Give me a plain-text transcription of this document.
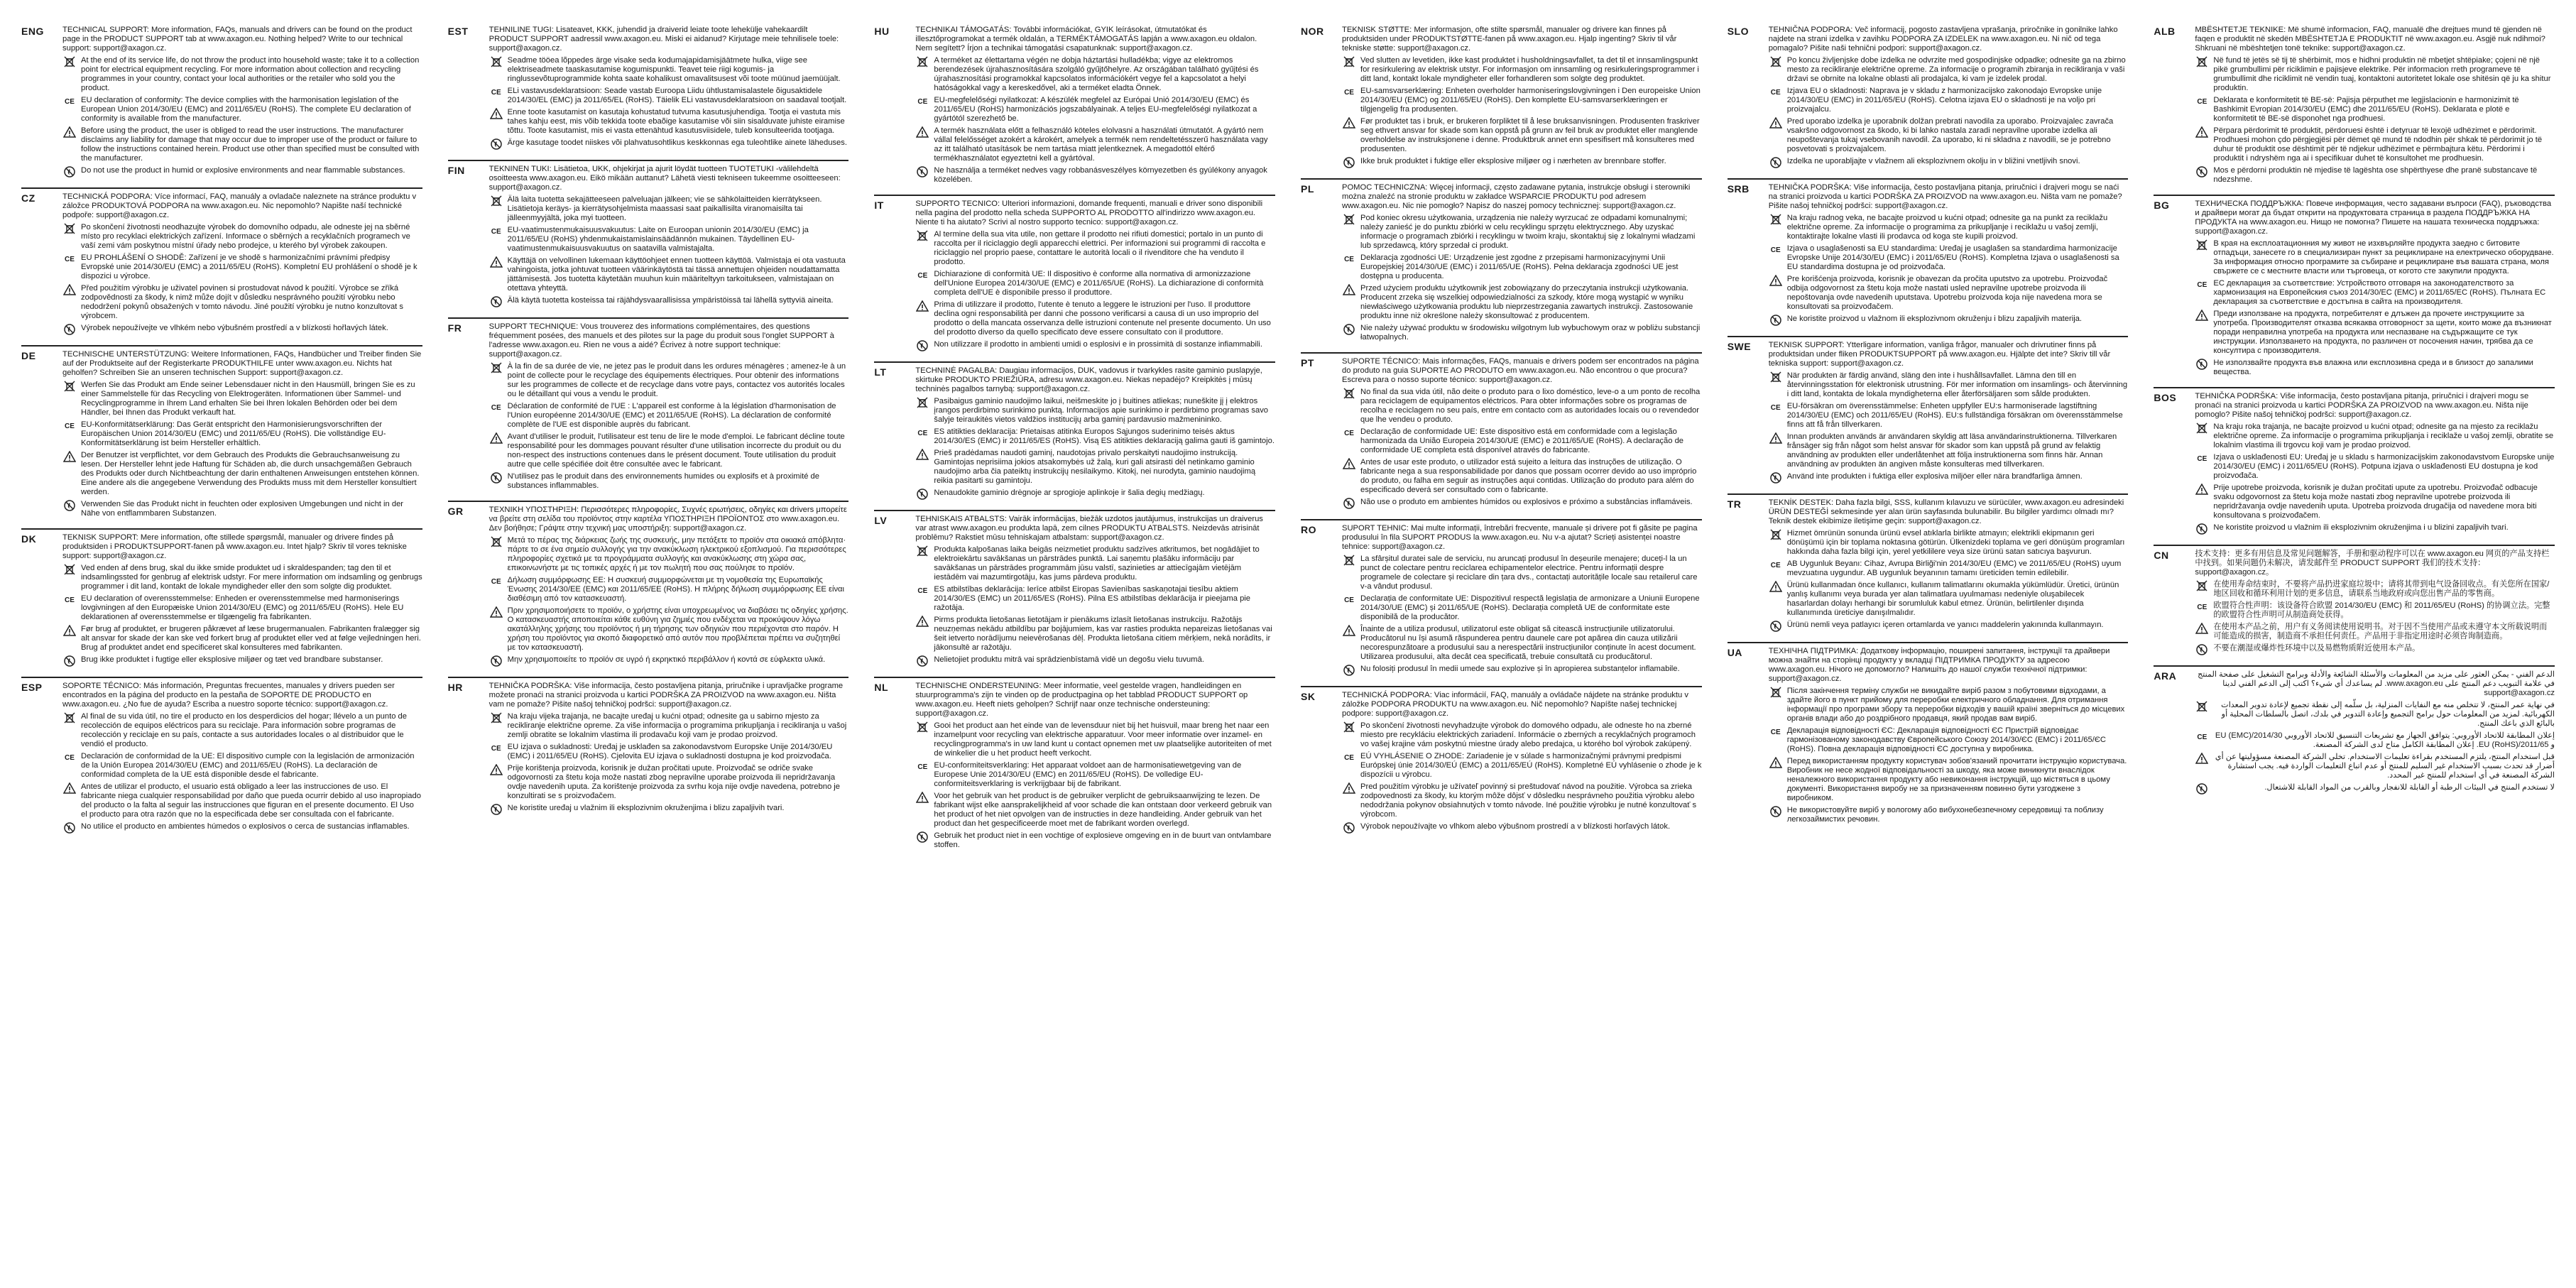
ENG	TECHNICAL SUPPORT: More information, FAQs, manuals and drivers can be found on the product page in the PRODUCT SUPPORT tab at www.axagon.eu. Nothing helped? Write to our technical support: support@axagon.cz.

At the end of its service life, do not throw the product into household waste; take it to a collection point for electrical equipment recycling. For more information about collection and recycling programmes in your country, contact your local authorities or the retailer who sold you the product.
CE EU declaration of conformity: The device complies with the harmonisation legislation of the European Union 2014/30/EU (EMC) and 2011/65/EU (RoHS). The complete EU declaration of conformity is available from the manufacturer.
Before using the product, the user is obliged to read the user instructions. The manufacturer disclaims any liability for damage that may occur due to improper use of the product or failure to follow the instructions contained herein. Product use other than specified must be consulted with the manufacturer.
Do not use the product in humid or explosive environments and near flammable substances.
CZ	TECHNICKÁ PODPORA: Více informací, FAQ, manuály a ovladače naleznete na stránce produktu v záložce PRODUKTOVÁ PODPORA na www.axagon.eu. Nic nepomohlo? Napište naší technické podpoře: support@axagon.cz.

Po skončení životnosti neodhazujte výrobek do domovního odpadu, ale odneste jej na sběrné místo pro recyklaci elektrických zařízení. Informace o sběrných a recyklačních programech ve vaší zemi vám poskytnou místní úřady nebo prodejce, u kterého byl výrobek zakoupen.
CE EU PROHLÁŠENÍ O SHODĚ: Zařízení je ve shodě s harmonizačními právními předpisy Evropské unie 2014/30/EU (EMC) a 2011/65/EU (RoHS). Kompletní EU prohlášení o shodě je k dispozici u výrobce.
Před použitím výrobku je uživatel povinen si prostudovat návod k použití. Výrobce se zříká zodpovědnosti za škody, k nimž může dojít v důsledku nesprávného použití výrobku nebo nedodržení pokynů obsažených v tomto návodu. Jiné použití výrobku je nutno konzultovat s výrobcem.
Výrobek nepoužívejte ve vlhkém nebo výbušném prostředí a v blízkosti hořlavých látek.
DE	TECHNISCHE UNTERSTÜTZUNG: Weitere Informationen, FAQs, Handbücher und Treiber finden Sie auf der Produktseite auf der Registerkarte PRODUKTHILFE unter www.axagon.eu. Nichts hat geholfen? Schreiben Sie an unseren technischen Support: support@axagon.cz.

Werfen Sie das Produkt am Ende seiner Lebensdauer nicht in den Hausmüll, bringen Sie es zu einer Sammelstelle für das Recycling von Elektrogeräten. Informationen über Sammel- und Recyclingprogramme in Ihrem Land erhalten Sie bei Ihren lokalen Behörden oder bei dem Händler, bei Ihnen das Produkt verkauft hat.
CE EU-Konformitätserklärung: Das Gerät entspricht den Harmonisierungsvorschriften der Europäischen Union 2014/30/EU (EMC) und 2011/65/EU (RoHS). Die vollständige EU-Konformitätserklärung ist beim Hersteller erhältlich.
Der Benutzer ist verpflichtet, vor dem Gebrauch des Produkts die Gebrauchsanweisung zu lesen. Der Hersteller lehnt jede Haftung für Schäden ab, die durch unsachgemäßen Gebrauch des Produkts oder durch Nichtbeachtung der darin enthaltenen Anweisungen entstehen können. Eine andere als die angegebene Verwendung des Produkts muss mit dem Hersteller konsultiert werden.
Verwenden Sie das Produkt nicht in feuchten oder explosiven Umgebungen und nicht in der Nähe von entflammbaren Substanzen.
DK	TEKNISK SUPPORT: Mere information, ofte stillede spørgsmål, manualer og drivere findes på produktsiden i PRODUKTSUPPORT-fanen på www.axagon.eu. Intet hjalp? Skriv til vores tekniske support: support@axagon.cz.

Ved enden af dens brug, skal du ikke smide produktet ud i skraldespanden; tag den til et indsamlingssted for genbrug af elektrisk udstyr. For mere information om indsamling og genbrugs programmer i dit land, kontakt de lokale myndigheder eller den som solgte dig produktet.
CE EU declaration of overensstemmelse: Enheden er overensstemmelse med harmoniserings lovgivningen af den Europæiske Union 2014/30/EU (EMC) og 2011/65/EU (RoHS). Hele EU deklarationen af overensstemmelse er tilgængelig fra fabrikanten.
Før brug af produktet, er brugeren påkrævet af læse brugermanualen. Fabrikanten fralægger sig alt ansvar for skade der kan ske ved forkert brug af produktet eller ved at følge vejledningen heri. Brug af produktet andet end specificeret skal konsulteres med fabrikanten.
Brug ikke produktet i fugtige eller eksplosive miljøer og tæt ved brandbare substanser.
ESP	SOPORTE TÉCNICO: Más información, Preguntas frecuentes, manuales y drivers pueden ser encontrados en la página del producto en la pestaña de SOPORTE DE PRODUCTO en www.axagon.eu. ¿No fue de ayuda? Escriba a nuestro soporte técnico: support@axagon.cz.

Al final de su vida útil, no tire el producto en los desperdicios del hogar; llévelo a un punto de recolección de equipos eléctricos para su reciclaje. Para información sobre programas de recolección y reciclaje en su país, contacte a sus autoridades locales o al distribuidor que le vendió el producto.
CE Declaración de conformidad de la UE: El dispositivo cumple con la legislación de armonización de la Unión Europea 2014/30/EU (EMC) and 2011/65/EU (RoHS). La declaración de conformidad completa de la UE está disponible desde el fabricante.
Antes de utilizar el producto, el usuario está obligado a leer las instrucciones de uso. El fabricante niega cualquier responsabilidad por daño que pueda ocurrir debido al uso inapropiado del producto o la falta al seguir las instrucciones que figuran en el presente documento. El Uso el producto para otra razón que no la especificada debe ser consultada con el fabricante.
No utilice el producto en ambientes húmedos o explosivos o cerca de sustancias inflamables.
EST	TEHNILINE TUGI: Lisateavet, KKK, juhendid ja draiverid leiate toote lehekülje vahekaardilt PRODUCT SUPPORT aadressil www.axagon.eu. Miski ei aidanud? Kirjutage meie tehnilisele toele: support@axagon.cz.

Seadme tööea lõppedes ärge visake seda kodumajapidamisjäätmete hulka, viige see elektriseadmete taaskasutamise kogumispunkti. Teavet teie riigi kogumis- ja ringlussevõtuprogrammide kohta saate kohalikust omavalitsusest või toote müünud jaemüüjalt.
CE ELi vastavusdeklaratsioon: Seade vastab Euroopa Liidu ühtlustamisalastele õigusaktidele 2014/30/EL (EMC) ja 2011/65/EL (RoHS). Täielik ELi vastavusdeklaratsioon on saadaval tootjalt.
Enne toote kasutamist on kasutaja kohustatud tutvuma kasutusjuhendiga. Tootja ei vastuta mis tahes kahju eest, mis võib tekkida toote ebaõige kasutamise või siin sisalduvate juhiste eiramise tõttu. Toote kasutamist, mis ei vasta ettenähtud kasutusviisidele, tuleb konsulteerida tootjaga.
Ärge kasutage toodet niiskes või plahvatusohtlikus keskkonnas ega tuleohtlike ainete läheduses.
FIN	TEKNINEN TUKI: Lisätietoa, UKK, ohjekirjat ja ajurit löydät tuotteen TUOTETUKI -välilehdeltä osoitteesta www.axagon.eu. Eikö mikään auttanut? Lähetä viesti tekniseen tukeemme osoitteeseen: support@axagon.cz.

Älä laita tuotetta sekajätteeseen palveluajan jälkeen; vie se sähkölaitteiden kierrätykseen. Lisätietoja keräys- ja kierrätysohjelmista maassasi saat paikallisilta viranomaisilta tai jälleenmyyjältä, joka myi tuotteen.
CE EU-vaatimustenmukaisuusvakuutus: Laite on Euroopan unionin 2014/30/EU (EMC) ja 2011/65/EU (RoHS) yhdenmukaistamislainsäädännön mukainen. Täydellinen EU-vaatimustenmukaisuusvakuutus on saatavilla valmistajalta.
Käyttäjä on velvollinen lukemaan käyttöohjeet ennen tuotteen käyttöä. Valmistaja ei ota vastuuta vahingoista, jotka johtuvat tuotteen väärinkäytöstä tai tässä annettujen ohjeiden noudattamatta jättämisestä. Jos tuotetta käytetään muuhun kuin määriteltyyn tarkoitukseen, valmistajaan on otettava yhteyttä.
Älä käytä tuotetta kosteissa tai räjähdysvaarallisissa ympäristöissä tai lähellä syttyviä aineita.
FR	SUPPORT TECHNIQUE: Vous trouverez des informations complémentaires, des questions fréquemment posées, des manuels et des pilotes sur la page du produit sous l'onglet SUPPORT à l'adresse www.axagon.eu. Rien ne vous a aidé? Écrivez à notre support technique: support@axagon.cz.

À la fin de sa durée de vie, ne jetez pas le produit dans les ordures ménagères ; amenez-le à un point de collecte pour le recyclage des équipements électriques. Pour obtenir des informations sur les programmes de collecte et de recyclage dans votre pays, contactez vos autorités locales ou le détaillant qui vous a vendu le produit.
CE Déclaration de conformité de l'UE : L'appareil est conforme à la législation d'harmonisation de l'Union européenne 2014/30/UE (EMC) et 2011/65/UE (RoHS). La déclaration de conformité complète de l'UE est disponible auprès du fabricant.
Avant d'utiliser le produit, l'utilisateur est tenu de lire le mode d'emploi. Le fabricant décline toute responsabilité pour les dommages pouvant résulter d'une utilisation incorrecte du produit ou du non-respect des instructions contenues dans le présent document. Toute utilisation du produit autre que celle spécifiée doit être consultée avec le fabricant.
N'utilisez pas le produit dans des environnements humides ou explosifs et à proximité de substances inflammables.
GR	ΤΕΧΝΙΚΗ ΥΠΟΣΤΗΡΙΞΗ: Περισσότερες πληροφορίες, Συχνές ερωτήσεις, οδηγίες και drivers μπορείτε να βρείτε στη σελίδα του προϊόντος στην καρτέλα ΥΠΟΣΤΗΡΙΞΗ ΠΡΟΪΟΝΤΟΣ στο www.axagon.eu. Δεν βοήθησε; Γράψτε στην τεχνική μας υποστήριξη: support@axagon.cz.

Μετά το πέρας της διάρκειας ζωής της συσκευής, μην πετάξετε το προϊόν στα οικιακά απόβλητα· πάρτε το σε ένα σημείο συλλογής για την ανακύκλωση ηλεκτρικού εξοπλισμού. Για περισσότερες πληροφορίες σχετικά με τα προγράμματα συλλογής και ανακύκλωσης στη χώρα σας, επικοινωνήστε με τις τοπικές αρχές ή με τον πωλητή που σας πούλησε το προϊόν.
CE Δήλωση συμμόρφωσης ΕΕ: Η συσκευή συμμορφώνεται με τη νομοθεσία της Ευρωπαϊκής Ένωσης 2014/30/ΕΕ (EMC) και 2011/65/ΕΕ (RoHS). Η πλήρης δήλωση συμμόρφωσης ΕΕ είναι διαθέσιμη από τον κατασκευαστή.
Πριν χρησιμοποιήσετε το προϊόν, ο χρήστης είναι υποχρεωμένος να διαβάσει τις οδηγίες χρήσης. Ο κατασκευαστής αποποιείται κάθε ευθύνη για ζημιές που ενδέχεται να προκύψουν λόγω ακατάλληλης χρήσης του προϊόντος ή μη τήρησης των οδηγιών που περιέχονται στο παρόν. Η χρήση του προϊόντος για σκοπό διαφορετικό από αυτόν που προβλέπεται πρέπει να συζητηθεί με τον κατασκευαστή.
Μην χρησιμοποιείτε το προϊόν σε υγρό ή εκρηκτικό περιβάλλον ή κοντά σε εύφλεκτα υλικά.
HR	TEHNIČKA PODRŠKA: Više informacija, često postavljena pitanja, priručnike i upravljačke programe možete pronaći na stranici proizvoda u kartici PODRŠKA ZA PROIZVOD na www.axagon.eu. Ništa vam ne pomaže? Pišite našoj tehničkoj podršci: support@axagon.cz.

Na kraju vijeka trajanja, ne bacajte uređaj u kućni otpad; odnesite ga u sabirno mjesto za recikliranje električne opreme. Za više informacija o programima prikupljanja i recikliranja u vašoj zemlji obratite se lokalnim vlastima ili prodavaču koji vam je prodao proizvod.
CE EU izjava o sukladnosti: Uređaj je usklađen sa zakonodavstvom Europske Unije 2014/30/EU (EMC) i 2011/65/EU (RoHS). Cjelovita EU izjava o sukladnosti dostupna je kod proizvođača.
Prije korištenja proizvoda, korisnik je dužan pročitati upute. Proizvođač se odriče svake odgovornosti za štetu koja može nastati zbog nepravilne uporabe proizvoda ili nepridržavanja ovdje navedenih uputa. Za korištenje proizvoda za svrhu koja nije ovdje navedena, potrebno je konzultirati se s proizvođačem.
Ne koristite uređaj u vlažnim ili eksplozivnim okruženjima i blizu zapaljivih tvari.
HU	TECHNIKAI TÁMOGATÁS: További információkat, GYIK leírásokat, útmutatókat és illesztőprogramokat a termék oldalán, a TERMÉKTÁMOGATÁS lapján a www.axagon.eu oldalon. Nem segített? Írjon a technikai támogatási csapatunknak: support@axagon.cz.

A terméket az élettartama végén ne dobja háztartási hulladékba; vigye az elektromos berendezések újrahasznosítására szolgáló gyűjtőhelyre. Az országában található gyűjtési és újrahasznosítási programokkal kapcsolatos információkért vegye fel a kapcsolatot a helyi hatóságokkal vagy a kereskedővel, aki a terméket eladta Önnek.
CE EU-megfelelőségi nyilatkozat: A készülék megfelel az Európai Unió 2014/30/EU (EMC) és 2011/65/EU (RoHS) harmonizációs jogszabályainak. A teljes EU-megfelelőségi nyilatkozat a gyártótól szerezhető be.
A termék használata előtt a felhasználó köteles elolvasni a használati útmutatót. A gyártó nem vállal felelősséget azokért a károkért, amelyek a termék nem rendeltetésszerű használata vagy az itt található utasítások be nem tartása miatt jelentkeznek. A megadottól eltérő termékhasználatot egyeztetni kell a gyártóval.
Ne használja a terméket nedves vagy robbanásveszélyes környezetben és gyúlékony anyagok közelében.
IT	SUPPORTO TECNICO: Ulteriori informazioni, domande frequenti, manuali e driver sono disponibili nella pagina del prodotto nella scheda SUPPORTO AL PRODOTTO all'indirizzo www.axagon.eu. Niente ti ha aiutato? Scrivi al nostro supporto tecnico: support@axagon.cz.

Al termine della sua vita utile, non gettare il prodotto nei rifiuti domestici; portalo in un punto di raccolta per il riciclaggio degli apparecchi elettrici. Per informazioni sui programmi di raccolta e riciclaggio nel proprio paese, contattare le autorità locali o il rivenditore che ha venduto il prodotto.
CE Dichiarazione di conformità UE: Il dispositivo è conforme alla normativa di armonizzazione dell'Unione Europea 2014/30/UE (EMC) e 2011/65/UE (RoHS). La dichiarazione di conformità completa dell'UE è disponibile presso il produttore.
Prima di utilizzare il prodotto, l'utente è tenuto a leggere le istruzioni per l'uso. Il produttore declina ogni responsabilità per danni che possono verificarsi a causa di un uso improprio del prodotto o della mancata osservanza delle istruzioni contenute nel presente documento. Un uso del prodotto diverso da quello specificato deve essere consultato con il produttore.
Non utilizzare il prodotto in ambienti umidi o esplosivi e in prossimità di sostanze infiammabili.
LT	TECHNINĖ PAGALBA: Daugiau informacijos, DUK, vadovus ir tvarkykles rasite gaminio puslapyje, skirtuke PRODUKTO PRIEŽIŪRA, adresu www.axagon.eu. Niekas nepadėjo? Kreipkitės į mūsų techninės pagalbos tarnybą: support@axagon.cz.

Pasibaigus gaminio naudojimo laikui, neišmeskite jo į buitines atliekas; nuneškite jį į elektros įrangos perdirbimo surinkimo punktą. Informacijos apie surinkimo ir perdirbimo programas savo šalyje teiraukitės vietos valdžios institucijų arba gaminį pardavusio mažmenininko.
CE ES atitikties deklaracija: Prietaisas atitinka Europos Sąjungos suderinimo teisės aktus 2014/30/ES (EMC) ir 2011/65/ES (RoHS). Visą ES atitikties deklaraciją galima gauti iš gamintojo.
Prieš pradėdamas naudoti gaminį, naudotojas privalo perskaityti naudojimo instrukciją. Gamintojas neprisiima jokios atsakomybės už žalą, kuri gali atsirasti dėl netinkamo gaminio naudojimo arba čia pateiktų instrukcijų nesilaikymo. Kitokį, nei nurodyta, gaminio naudojimą reikia pasitarti su gamintoju.
Nenaudokite gaminio drėgnoje ar sprogioje aplinkoje ir šalia degių medžiagų.
LV	TEHNISKAIS ATBALSTS: Vairāk informācijas, biežāk uzdotos jautājumus, instrukcijas un draiverus var atrast www.axagon.eu produkta lapā, zem cilnes PRODUKTU ATBALSTS. Neizdevās atrisināt problēmu? Rakstiet mūsu tehniskajam atbalstam: support@axagon.cz.

Produkta kalpošanas laika beigās neizmetiet produktu sadzīves atkritumos, bet nogādājiet to elektroiekārtu savākšanas un pārstrādes punktā. Lai saņemtu plašāku informāciju par savākšanas un pārstrādes programmām jūsu valstī, sazinieties ar attiecīgajām vietējām iestādēm vai mazumtirgotāju, kas jums pārdeva produktu.
CE ES atbilstības deklarācija: Ierīce atbilst Eiropas Savienības saskaņotajai tiesību aktiem 2014/30/ES (EMC) un 2011/65/ES (RoHS). Pilna ES atbilstības deklarācija ir pieejama pie ražotāja.
Pirms produkta lietošanas lietotājam ir pienākums izlasīt lietošanas instrukciju. Ražotājs neuzņemas nekādu atbildību par bojājumiem, kas var rasties produkta nepareizas lietošanas vai šeit ietverto norādījumu neievērošanas dēļ. Produkta lietošana citiem mērķiem, nekā norādīts, ir jākonsultē ar ražotāju.
Nelietojiet produktu mitrā vai sprādzienbīstamā vidē un degošu vielu tuvumā.
NL	TECHNISCHE ONDERSTEUNING: Meer informatie, veel gestelde vragen, handleidingen en stuurprogramma's zijn te vinden op de productpagina op het tabblad PRODUCT SUPPORT op www.axagon.eu. Heeft niets geholpen? Schrijf naar onze technische ondersteuning: support@axagon.cz.

Gooi het product aan het einde van de levensduur niet bij het huisvuil, maar breng het naar een inzamelpunt voor recycling van elektrische apparatuur. Voor meer informatie over inzamel- en recyclingprogramma's in uw land kunt u contact opnemen met uw plaatselijke autoriteiten of met de winkelier die u het product heeft verkocht.
CE EU-conformiteitsverklaring: Het apparaat voldoet aan de harmonisatiewetgeving van de Europese Unie 2014/30/EU (EMC) en 2011/65/EU (RoHS). De volledige EU-conformiteitsverklaring is verkrijgbaar bij de fabrikant.
Voor het gebruik van het product is de gebruiker verplicht de gebruiksaanwijzing te lezen. De fabrikant wijst elke aansprakelijkheid af voor schade die kan ontstaan door verkeerd gebruik van het product of het niet opvolgen van de instructies in deze handleiding. Ander gebruik van het product dan het gespecificeerde moet met de fabrikant worden overlegd.
Gebruik het product niet in een vochtige of explosieve omgeving en in de buurt van ontvlambare stoffen.
NOR	TEKNISK STØTTE: Mer informasjon, ofte stilte spørsmål, manualer og drivere kan finnes på produktsiden under PRODUKTSTØTTE-fanen på www.axagon.eu. Hjalp ingenting? Skriv til vår tekniske støtte: support@axagon.cz.

Ved slutten av levetiden, ikke kast produktet i husholdningsavfallet, ta det til et innsamlingspunkt for resirkulering av elektrisk utstyr. For informasjon om innsamling og resirkuleringsprogrammer i ditt land, kontakt lokale myndigheter eller forhandleren som solgte deg produktet.
CE EU-samsvarserklæring: Enheten overholder harmoniseringslovgivningen i Den europeiske Union 2014/30/EU (EMC) og 2011/65/EU (RoHS). Den komplette EU-samsvarserklæringen er tilgjengelig fra produsenten.
Før produktet tas i bruk, er brukeren forpliktet til å lese bruksanvisningen. Produsenten fraskriver seg ethvert ansvar for skade som kan oppstå på grunn av feil bruk av produktet eller manglende overholdelse av instruksjonene i denne. Produktbruk annet enn spesifisert må konsulteres med produsenten.
Ikke bruk produktet i fuktige eller eksplosive miljøer og i nærheten av brennbare stoffer.
PL	POMOC TECHNICZNA: Więcej informacji, często zadawane pytania, instrukcje obsługi i sterowniki można znaleźć na stronie produktu w zakładce WSPARCIE PRODUKTU pod adresem www.axagon.eu. Nic nie pomogło? Napisz do naszej pomocy technicznej: support@axagon.cz.

Pod koniec okresu użytkowania, urządzenia nie należy wyrzucać ze odpadami komunalnymi; należy zanieść je do punktu zbiórki w celu recyklingu sprzętu elektrycznego. Aby uzyskać informacje o programach zbiórki i recyklingu w twoim kraju, skontaktuj się z lokalnymi władzami lub sprzedawcą, który sprzedał ci produkt.
CE Deklaracja zgodności UE: Urządzenie jest zgodne z przepisami harmonizacyjnymi Unii Europejskiej 2014/30/UE (EMC) i 2011/65/UE (RoHS). Pełna deklaracja zgodności UE jest dostępna u producenta.
Przed użyciem produktu użytkownik jest zobowiązany do przeczytania instrukcji użytkowania. Producent zrzeka się wszelkiej odpowiedzialności za szkody, które mogą wystąpić w wyniku niewłaściwego użytkowania produktu lub nieprzestrzegania zawartych instrukcji. Zastosowanie produktu inne niż określone należy skonsultować z producentem.
Nie należy używać produktu w środowisku wilgotnym lub wybuchowym oraz w pobliżu substancji łatwopalnych.
PT	SUPORTE TÉCNICO: Mais informações, FAQs, manuais e drivers podem ser encontrados na página do produto na guia SUPORTE AO PRODUTO em www.axagon.eu. Não encontrou o que procura? Escreva para o nosso suporte técnico: support@axagon.cz.

No final da sua vida útil, não deite o produto para o lixo doméstico, leve-o a um ponto de recolha para reciclagem de equipamentos eléctricos. Para obter informações sobre os programas de recolha e reciclagem no seu país, entre em contacto com as autoridades locais ou o revendedor que lhe vendeu o produto.
CE Declaração de conformidade UE: Este dispositivo está em conformidade com a legislação harmonizada da União Europeia 2014/30/UE (EMC) e 2011/65/UE (RoHS). A declaração de conformidade UE completa está disponível através do fabricante.
Antes de usar este produto, o utilizador está sujeito a leitura das instruções de utilização. O fabricante nega a sua responsabilidade por danos que possam ocorrer devido ao uso impróprio do produto, ou falha em seguir as instruções aqui contidas. Utilização do produto para além do especificado deverá ser consultado com o fabricante.
Não use o produto em ambientes húmidos ou explosivos e próximo a substâncias inflamáveis.
RO	SUPORT TEHNIC: Mai multe informații, întrebări frecvente, manuale și drivere pot fi găsite pe pagina produsului în fila SUPORT PRODUS la www.axagon.eu. Nu v-a ajutat? Scrieți asistenței noastre tehnice: support@axagon.cz.

La sfârșitul duratei sale de serviciu, nu aruncați produsul în deșeurile menajere; duceți-l la un punct de colectare pentru reciclarea echipamentelor electrice. Pentru informații despre programele de colectare și reciclare din țara dvs., contactați autoritățile locale sau retailerul care v-a vândut produsul.
CE Declarația de conformitate UE: Dispozitivul respectă legislația de armonizare a Uniunii Europene 2014/30/UE (EMC) și 2011/65/UE (RoHS). Declarația completă UE de conformitate este disponibilă de la producător.
Înainte de a utiliza produsul, utilizatorul este obligat să citească instrucțiunile utilizatorului. Producătorul nu își asumă răspunderea pentru daunele care pot apărea din cauza utilizării necorespunzătoare a produsului sau a nerespectării instrucțiunilor conținute în acest document. Utilizarea produsului, alta decât cea specificată, trebuie consultată cu producătorul.
Nu folosiți produsul în medii umede sau explozive și în apropierea substanțelor inflamabile.
SK	TECHNICKÁ PODPORA: Viac informácií, FAQ, manuály a ovládače nájdete na stránke produktu v záložke PODPORA PRODUKTU na www.axagon.eu. Nič nepomohlo? Napíšte našej technickej podpore: support@axagon.cz.

Po skončení životnosti nevyhadzujte výrobok do domového odpadu, ale odneste ho na zberné miesto pre recykláciu elektrických zariadení. Informácie o zberných a recyklačných programoch vo vašej krajine vám poskytnú miestne úrady alebo predajca, u ktorého bol výrobok zakúpený.
CE EÚ VYHLÁSENIE O ZHODE: Zariadenie je v súlade s harmonizačnými právnymi predpismi Európskej únie 2014/30/EÚ (EMC) a 2011/65/EÚ (RoHS). Kompletné EÚ vyhlásenie o zhode je k dispozícii u výrobcu.
Pred použitím výrobku je užívateľ povinný si preštudovať návod na použitie. Výrobca sa zrieka zodpovednosti za škody, ku ktorým môže dôjsť v dôsledku nesprávneho použitia výrobku alebo nedodržania pokynov obsiahnutých v tomto návode. Iné použitie výrobku je nutné konzultovať s výrobcom.
Výrobok nepoužívajte vo vlhkom alebo výbušnom prostredí a v blízkosti horľavých látok.
SLO	TEHNIČNA PODPORA: Več informacij, pogosto zastavljena vprašanja, priročnike in gonilnike lahko najdete na strani izdelka v zavihku PODPORA ZA IZDELEK na www.axagon.eu. Ni nič od tega pomagalo? Pišite naši tehnični podpori: support@axagon.cz.

Po koncu življenjske dobe izdelka ne odvrzite med gospodinjske odpadke; odnesite ga na zbirno mesto za recikliranje električne opreme. Za informacije o programih zbiranja in recikliranja v vaši državi se obrnite na lokalne oblasti ali prodajalca, ki vam je izdelek prodal.
CE Izjava EU o skladnosti: Naprava je v skladu z harmonizacijsko zakonodajo Evropske unije 2014/30/EU (EMC) in 2011/65/EU (RoHS). Celotna izjava EU o skladnosti je na voljo pri proizvajalcu.
Pred uporabo izdelka je uporabnik dolžan prebrati navodila za uporabo. Proizvajalec zavrača vsakršno odgovornost za škodo, ki bi lahko nastala zaradi nepravilne uporabe izdelka ali neupoštevanja tukaj vsebovanih navodil. Za uporabo, ki ni skladna z navodili, se je potrebno posvetovati s proizvajalcem.
Izdelka ne uporabljajte v vlažnem ali eksplozivnem okolju in v bližini vnetljivih snovi.
SRB	TEHNIČKA PODRŠKA: Više informacija, često postavljana pitanja, priručnici i drajveri mogu se naći na stranici proizvoda u kartici PODRŠKA ZA PROIZVOD na www.axagon.eu. Ništa vam ne pomaže? Pišite našoj tehničkoj podršci: support@axagon.cz.

Na kraju radnog veka, ne bacajte proizvod u kućni otpad; odnesite ga na punkt za reciklažu električne opreme. Za informacije o programima za prikupljanje i reciklažu u vašoj zemlji, kontaktirajte lokalne vlasti ili prodavca od koga ste kupili proizvod.
CE Izjava o usaglašenosti sa EU standardima: Uređaj je usaglašen sa standardima harmonizacije Evropske Unije 2014/30/EU (EMC) i 2011/65/EU (RoHS). Kompletna Izjava o usaglašenosti sa EU standardima dostupna je od proizvođača.
Pre korišćenja proizvoda, korisnik je obavezan da pročita uputstvo za upotrebu. Proizvođač odbija odgovornost za štetu koja može nastati usled nepravilne upotrebe proizvoda ili nepoštovanja ovde navedenih uputstava. Upotrebu proizvoda koja nije navedena mora se konsultovati sa proizvođačem.
Ne koristite proizvod u vlažnom ili eksplozivnom okruženju i blizu zapaljivih materija.
SWE	TEKNISK SUPPORT: Ytterligare information, vanliga frågor, manualer och drivrutiner finns på produktsidan under fliken PRODUKTSUPPORT på www.axagon.eu. Hjälpte det inte? Skriv till vår tekniska support: support@axagon.cz.

När produkten är färdig använd, släng den inte i hushållsavfallet. Lämna den till en återvinningsstation för elektronisk utrustning. För mer information om insamlings- och återvinning i ditt land, kontakta de lokala myndigheterna eller återförsäljaren som sålde produkten.
CE EU-försäkran om överensstämmelse: Enheten uppfyller EU:s harmoniserade lagstiftning 2014/30/EU (EMC) och 2011/65/EU (RoHS). EU:s fullständiga försäkran om överensstämmelse finns att få från tillverkaren.
Innan produkten används är användaren skyldig att läsa användarinstruktionerna. Tillverkaren frånsäger sig från något som helst ansvar för skador som kan uppstå på grund av felaktig användning av produkten eller underlåtenhet att följa instruktionerna som finns här. Annan användning av produkten än angiven måste konsulteras med tillverkaren.
Använd inte produkten i fuktiga eller explosiva miljöer eller nära brandfarliga ämnen.
TR	TEKNİK DESTEK: Daha fazla bilgi, SSS, kullanım kılavuzu ve sürücüler, www.axagon.eu adresindeki ÜRÜN DESTEĞİ sekmesinde yer alan ürün sayfasında bulunabilir. Bu bilgiler yardımcı olmadı mı? Teknik destek ekibimize iletişime geçin: support@axagon.cz.

Hizmet ömrünün sonunda ürünü evsel atıklarla birlikte atmayın; elektrikli ekipmanın geri dönüşümü için bir toplama noktasına götürün. Ülkenizdeki toplama ve geri dönüşüm programları hakkında daha fazla bilgi için, yerel yetkililere veya size ürünü satan satıcıya başvurun.
CE AB Uygunluk Beyanı: Cihaz, Avrupa Birliği'nin 2014/30/EU (EMC) ve 2011/65/EU (RoHS) uyum mevzuatına uygundur. AB uygunluk beyanının tamamı üreticiden temin edilebilir.
Ürünü kullanmadan önce kullanıcı, kullanım talimatlarını okumakla yükümlüdür. Üretici, ürünün yanlış kullanımı veya burada yer alan talimatlara uyulmaması nedeniyle oluşabilecek hasarlardan dolayı herhangi bir sorumluluk kabul etmez. Ürünün, belirtilenler dışında kullanımında üreticiye danışılmalıdır.
Ürünü nemli veya patlayıcı içeren ortamlarda ve yanıcı maddelerin yakınında kullanmayın.
UA	ТЕХНІЧНА ПІДТРИМКА: Додаткову інформацію, поширені запитання, інструкції та драйвери можна знайти на сторінці продукту у вкладці ПІДТРИМКА ПРОДУКТУ за адресою www.axagon.eu. Нічого не допомогло? Напишіть до нашої служби технічної підтримки: support@axagon.cz.

Після закінчення терміну служби не викидайте виріб разом з побутовими відходами, а здайте його в пункт прийому для переробки електричного обладнання. Для отримання інформації про програми збору та переробки відходів у вашій країні зверніться до місцевих органів влади або до роздрібного продавця, який продав вам виріб.
CE Декларація відповідності ЄС: Декларація відповідності ЄС Пристрій відповідає гармонізованому законодавству Європейського Союзу 2014/30/ЄС (EMC) і 2011/65/ЄС (RoHS). Повна декларація відповідності ЄС доступна у виробника.
Перед використанням продукту користувач зобов'язаний прочитати інструкцію користувача. Виробник не несе жодної відповідальності за шкоду, яка може виникнути внаслідок неналежного використання продукту або невиконання інструкцій, що містяться в цьому документі. Використання виробу не за призначенням повинно бути узгоджене з виробником.
Не використовуйте виріб у вологому або вибухонебезпечному середовищі та поблизу легкозаймистих речовин.
ALB	MBËSHTETJE TEKNIKE: Më shumë informacion, FAQ, manualë dhe drejtues mund të gjenden në faqen e produktit në skedën MBËSHTETJA E PRODUKTIT në www.axagon.eu. Asgjë nuk ndihmoi? Shkruani në mbështetjen tonë teknike: support@axagon.cz.

Në fund të jetës së tij të shërbimit, mos e hidhni produktin në mbetjet shtëpiake; çojeni në një pikë grumbullimi për riciklimin e pajisjeve elektrike. Për informacion rreth programeve të grumbullimit dhe riciklimit në vendin tuaj, kontaktoni autoritetet lokale ose shitësin që ju ka shitur produktin.
CE Deklarata e konformitetit të BE-së: Pajisja përputhet me legjislacionin e harmonizimit të Bashkimit Evropian 2014/30/EU (EMC) dhe 2011/65/EU (RoHS). Deklarata e plotë e konformitetit të BE-së disponohet nga prodhuesi.
Përpara përdorimit të produktit, përdoruesi është i detyruar të lexojë udhëzimet e përdorimit. Prodhuesi mohon çdo përgjegjësi për dëmet që mund të ndodhin për shkak të përdorimit jo të duhur të produktit ose dështimit për të ndjekur udhëzimet e përmbajtura këtu. Përdorimi i produktit i ndryshëm nga ai i specifikuar duhet të konsultohet me prodhuesin.
Mos e përdorni produktin në mjedise të lagështa ose shpërthyese dhe pranë substancave të ndezshme.
BG	ТЕХНИЧЕСКА ПОДДРЪЖКА: Повече информация, често задавани въпроси (FAQ), ръководства и драйвери могат да бъдат открити на продуктовата страница в раздела ПОДДРЪЖКА НА ПРОДУКТА на www.axagon.eu. Нищо не помогна? Пишете на нашата техническа поддръжка: support@axagon.cz.

В края на експлоатационния му живот не изхвърляйте продукта заедно с битовите отпадъци, занесете го в специализиран пункт за рециклиране на електрическо оборудване. За информация относно програмите за събиране и рециклиране във вашата страна, моля свържете се с местните власти или търговеца, от когото сте закупили продукта.
CE ЕС декларация за съответствие: Устройството отговаря на законодателството за хармонизация на Европейския съюз 2014/30/ЕС (EMC) и 2011/65/ЕС (RoHS). Пълната ЕС декларация за съответствие е достъпна в сайта на производителя.
Преди използване на продукта, потребителят е длъжен да прочете инструкциите за употреба. Производителят отказва всякаква отговорност за щети, които може да възникнат поради неправилна употреба на продукта или неспазване на съдържащите се тук инструкции. Използването на продукта, по различен от посочения начин, трябва да се консултира с производителя.
Не използвайте продукта във влажна или експлозивна среда и в близост до запалими вещества.
BOS	TEHNIČKA PODRŠKA: Više informacija, često postavljana pitanja, priručnici i drajveri mogu se pronaći na stranici proizvoda u kartici PODRŠKA ZA PROIZVOD na www.axagon.eu. Ništa nije pomoglo? Pišite našoj tehničkoj podršci: support@axagon.cz.

Na kraju roka trajanja, ne bacajte proizvod u kućni otpad; odnesite ga na mjesto za reciklažu električne opreme. Za informacije o programima prikupljanja i reciklaže u vašoj zemlji, obratite se lokalnim vlastima ili trgovcu koji vam je prodao proizvod.
CE Izjava o usklađenosti EU: Uređaj je u skladu s harmonizacijskim zakonodavstvom Europske unije 2014/30/EU (EMC) i 2011/65/EU (RoHS). Potpuna izjava o usklađenosti EU dostupna je kod proizvođača.
Prije upotrebe proizvoda, korisnik je dužan pročitati upute za upotrebu. Proizvođač odbacuje svaku odgovornost za štetu koja može nastati zbog nepravilne upotrebe proizvoda ili nepridržavanja ovdje navedenih uputa. Upotreba proizvoda drugačija od navedene mora biti konsultovana s proizvođačem.
Ne koristite proizvod u vlažnim ili eksplozivnim okruženjima i u blizini zapaljivih tvari.
CN	技术支持：更多有用信息及常见问题解答，手册和驱动程序可以在 www.axagon.eu 网页的产品支持栏中找到。如果问题仍未解决，请发邮件至 PRODUCT SUPPORT 我们的技术支持：support@axagon.cz。

在使用寿命结束时，不要将产品扔进家庭垃圾中；请将其带到电气设备回收点。有关您所在国家/地区回收和循环利用计划的更多信息，请联系当地政府或向您出售产品的零售商。
CE 欧盟符合性声明：该设备符合欧盟 2014/30/EU (EMC) 和 2011/65/EU (RoHS) 的协调立法。完整的欧盟符合性声明可从制造商处获得。
在使用本产品之前，用户有义务阅读使用说明书。对于因不当使用产品或未遵守本文所载说明而可能造成的损害，制造商不承担任何责任。产品用于非指定用途时必须咨询制造商。
不要在潮湿或爆炸性环境中以及易燃物质附近使用本产品。
ARA	الدعم الفني - يمكن العثور على مزيد من المعلومات والأسئلة الشائعة والأدلة وبرامج التشغيل على صفحة المنتج في علامة التبويب دعم المنتج على www.axagon.eu. لم يساعدك أي شيء؟ اكتب إلى الدعم الفني لدينا support@axagon.cz

في نهاية عمر المنتج، لا تتخلص منه مع النفايات المنزلية، بل سلّمه إلى نقطة تجميع لإعادة تدوير المعدات الكهربائية. لمزيد من المعلومات حول برامج التجميع وإعادة التدوير في بلدك، اتصل بالسلطات المحلية أو بالبائع الذي باعك المنتج.
CE إعلان المطابقة للاتحاد الأوروبي: يتوافق الجهاز مع تشريعات التنسيق للاتحاد الأوروبي 2014/30/EU (EMC) و 2011/65/EU (RoHS). إعلان المطابقة الكامل متاح لدى الشركة المصنعة.
قبل استخدام المنتج، يلتزم المستخدم بقراءة تعليمات الاستخدام. تخلي الشركة المصنعة مسؤوليتها عن أي أضرار قد تحدث بسبب الاستخدام غير السليم للمنتج أو عدم اتباع التعليمات الواردة فيه. يجب استشارة الشركة المصنعة في أي استخدام للمنتج غير المحدد.
لا تستخدم المنتج في البيئات الرطبة أو القابلة للانفجار وبالقرب من المواد القابلة للاشتعال.
